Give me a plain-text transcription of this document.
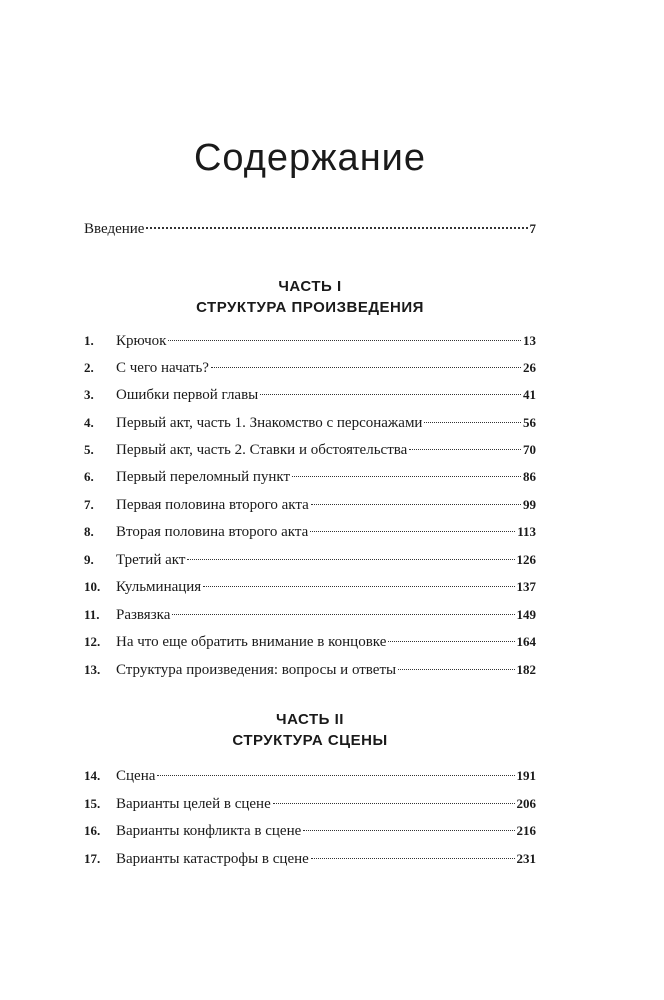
Содержание
Введение	7
ЧАСТЬ I
СТРУКТУРА ПРОИЗВЕДЕНИЯ
1.	Крючок	13
2.	С чего начать?	26
3.	Ошибки первой главы	41
4.	Первый акт, часть 1. Знакомство с персонажами	56
5.	Первый акт, часть 2. Ставки и обстоятельства	70
6.	Первый переломный пункт	86
7.	Первая половина второго акта	99
8.	Вторая половина второго акта	113
9.	Третий акт	126
10.	Кульминация	137
11.	Развязка	149
12.	На что еще обратить внимание в концовке	164
13.	Структура произведения: вопросы и ответы	182
ЧАСТЬ II
СТРУКТУРА СЦЕНЫ
14.	Сцена	191
15.	Варианты целей в сцене	206
16.	Варианты конфликта в сцене	216
17.	Варианты катастрофы в сцене	231
